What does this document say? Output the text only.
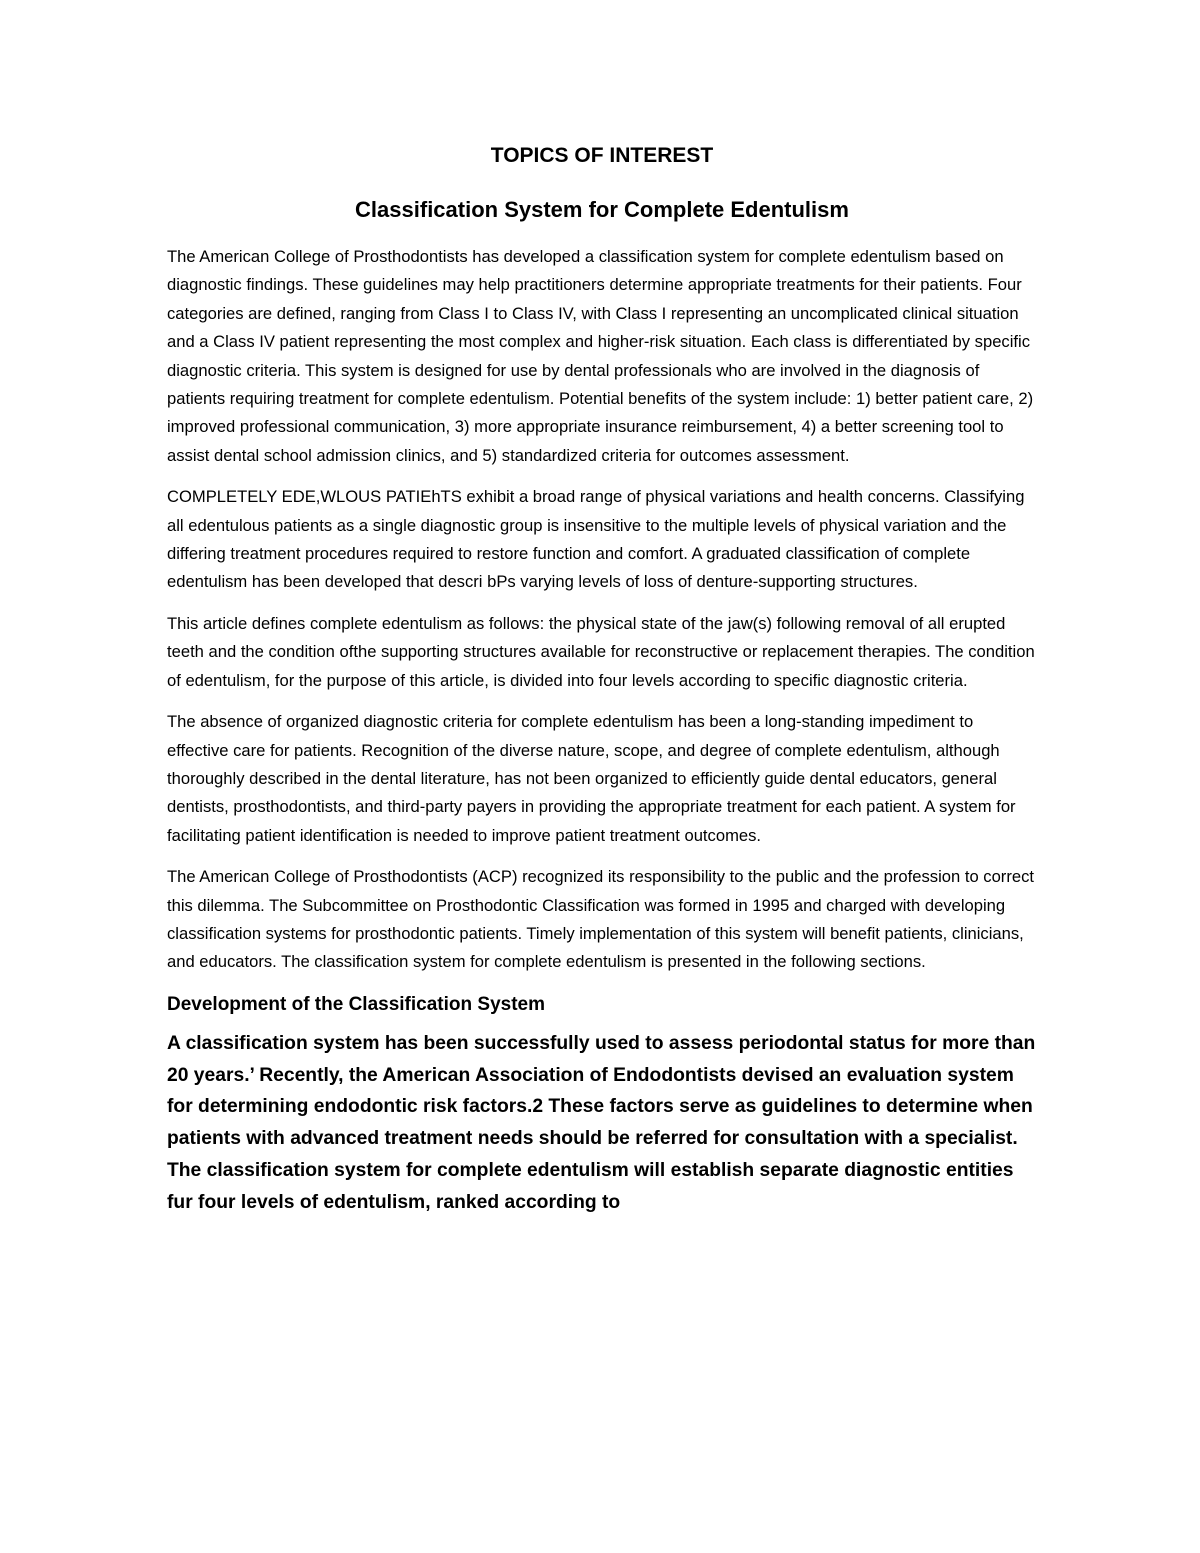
TOPICS OF INTEREST
Classification System for Complete Edentulism

The American College of Prosthodontists has developed a classification system for complete edentulism based on diagnostic findings. These guidelines may help practitioners determine appropriate treatments for their patients. Four categories are defined, ranging from Class I to Class IV, with Class I representing an uncomplicated clinical situation and a Class IV patient representing the most complex and higher-risk situation. Each class is differentiated by specific diagnostic criteria. This system is designed for use by dental professionals who are involved in the diagnosis of patients requiring treatment for complete edentulism. Potential benefits of the system include: 1) better patient care, 2) improved professional communication, 3) more appropriate insurance reimbursement, 4) a better screening tool to assist dental school admission clinics, and 5) standardized criteria for outcomes assessment.

COMPLETELY EDE,WLOUS PATIEhTS exhibit a broad range of physical variations and health concerns. Classifying all edentulous patients as a single diagnostic group is insensitive to the multiple levels of physical variation and the differing treatment procedures required to restore function and comfort. A graduated classification of complete edentulism has been developed that descri bPs varying levels of loss of denture-supporting structures.

This article defines complete edentulism as follows: the physical state of the jaw(s) following removal of all erupted teeth and the condition ofthe supporting structures available for reconstructive or replacement therapies. The condition of edentulism, for the purpose of this article, is divided into four levels according to specific diagnostic criteria.

The absence of organized diagnostic criteria for complete edentulism has been a long-standing impediment to effective care for patients. Recognition of the diverse nature, scope, and degree of complete edentulism, although thoroughly described in the dental literature, has not been organized to efficiently guide dental educators, general dentists, prosthodontists, and third-party payers in providing the appropriate treatment for each patient. A system for facilitating patient identification is needed to improve patient treatment outcomes.

The American College of Prosthodontists (ACP) recognized its responsibility to the public and the profession to correct this dilemma. The Subcommittee on Prosthodontic Classification was formed in 1995 and charged with developing classification systems for prosthodontic patients. Timely implementation of this system will benefit patients, clinicians, and educators. The classification system for complete edentulism is presented in the following sections.

Development of the Classification System

A classification system has been successfully used to assess periodontal status for more than 20 years.’ Recently, the American Association of Endodontists devised an evaluation system for determining endodontic risk factors.2 These factors serve as guidelines to determine when patients with advanced treatment needs should be referred for consultation with a specialist. The classification system for complete edentulism will establish separate diagnostic entities fur four levels of edentulism, ranked according to
